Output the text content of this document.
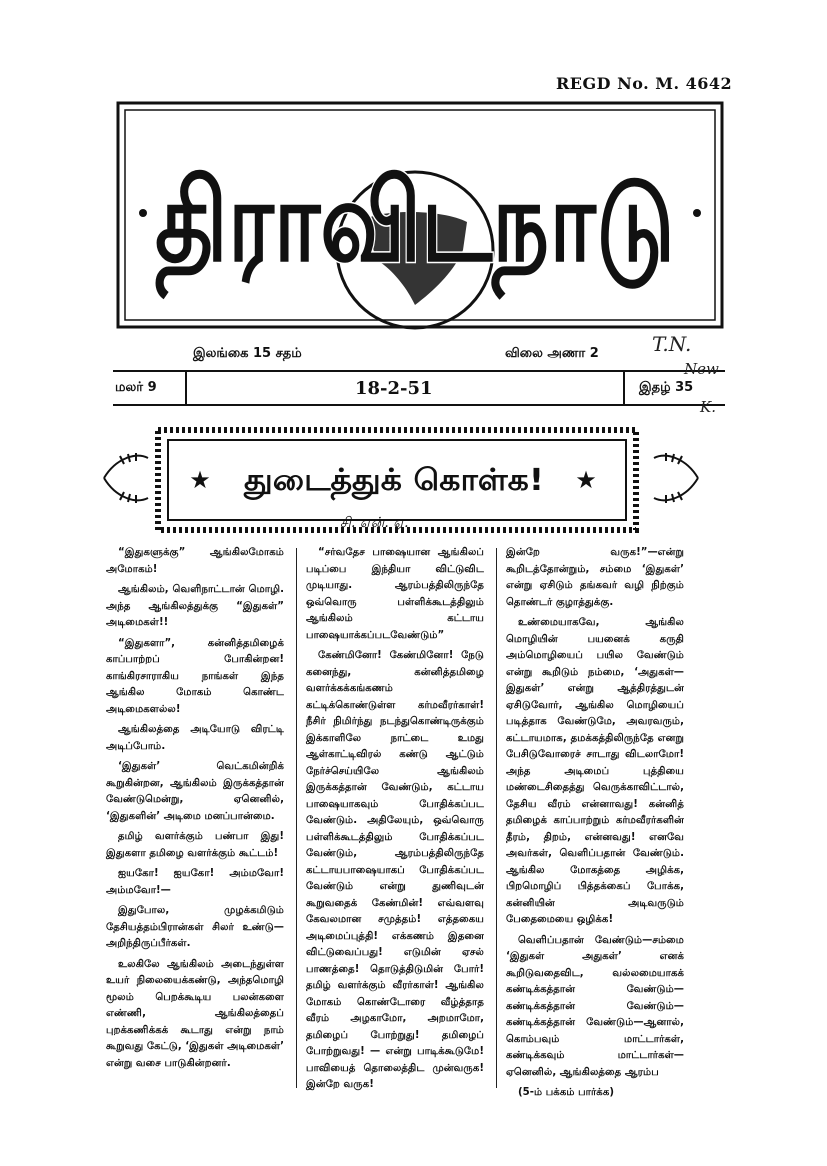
REGD No. M. 4642
திராவிடநாடு
இலங்கை 15 சதம்	விலை அணா 2
மலர் 9	18-2-51	இதழ் 35
T.N.
New
K.
★	★
துடைத்துக் கொள்க!
சி. என். ஏ.

“இதுகளுக்கு” ஆங்கிலமோகம் அமோகம்!

ஆங்கிலம், வெளிநாட்டான் மொழி. அந்த ஆங்கிலத்துக்கு “இதுகள்” அடிமைகள்!!

“இதுகளா”, கன்னித்தமிழைக் காப்பாற்றப் போகின்றன! காங்கிரசாராகிய நாங்கள் இந்த ஆங்கில மோகம் கொண்ட அடிமைகளல்ல!

ஆங்கிலத்தை அடியோடு விரட்டி அடிப்போம்.

‘இதுகள்’ வெட்கமின்றிக் கூறுகின்றன, ஆங்கிலம் இருக்கத்தான் வேண்டுமென்று, ஏனெனில், ‘இதுகளின்’ அடிமை மனப்பான்மை.

தமிழ் வளர்க்கும் பண்பா இது! இதுகளா தமிழை வளர்க்கும் கூட்டம்!

ஐயகோ! ஐயகோ! அம்மவோ! அம்மவோ!—

இதுபோல, முழக்கமிடும் தேசியத்தம்பிரான்கள் சிலர் உண்டு—அறிந்திருப்பீர்கள்.

உலகிலே ஆங்கிலம் அடைந்துள்ள உயர் நிலையைக்கண்டு, அந்தமொழி மூலம் பெறக்கூடிய பலன்களை எண்ணி, ஆங்கிலத்தைப் புறக்கணிக்கக் கூடாது என்று நாம் கூறுவது கேட்டு, ‘இதுகள் அடிமைகள்’ என்று வசை பாடுகின்றனர்.

“சர்வதேச பாஷையான ஆங்கிலப் படிப்பை இந்தியா விட்டுவிட முடியாது. ஆரம்பத்திலிருந்தே ஒவ்வொரு பள்ளிக்கூடத்திலும் ஆங்கிலம் கட்டாய பாஷையாக்கப்படவேண்டும்”

கேண்மினோ! கேண்மினோ! நேடு கனைந்து, கன்னித்தமிழை வளர்க்கக்கங்கணம் கட்டிக்கொண்டுள்ள கர்மவீரர்காள்! நீசிர் நிமிர்ந்து நடந்துகொண்டிருக்கும் இக்காளிலே நாட்டை உமது ஆள்காட்டிவிரல் கண்டு ஆட்டும் நேர்ச்செய்யிலே ஆங்கிலம் இருக்கத்தான் வேண்டும், கட்டாய பாஷையாகவும் போதிக்கப்பட வேண்டும். அதிலேயும், ஒவ்வொரு பள்ளிக்கூடத்திலும் போதிக்கப்பட வேண்டும், ஆரம்பத்திலிருந்தே கட்டாயபாஷையாகப் போதிக்கப்பட வேண்டும் என்று துணிவுடன் கூறுவதைக் கேண்மின்! எவ்வளவு கேவலமான சமுத்தம்! எத்தகைய அடிமைப்புத்தி! எக்கணம் இதனை விட்டுவைப்பது! எடுமின் ஏசல் பாணத்தை! தொடுத்திடுமின் போர்! தமிழ் வளர்க்கும் வீரர்காள்! ஆங்கில மோகம் கொண்டோரை வீழ்த்தாத வீரம் அழகாமோ, அறமாமோ, தமிழைப் போற்றுது! தமிழைப் போற்றுவது! — என்று பாடிக்கூடுமே! பாவியைத் தொலைத்திட முன்வருக! இன்றே வருக!

இன்றே வருக!”—என்று கூறிடத்தோன்றும், சம்மை ‘இதுகள்’ என்று ஏசிடும் தங்கவர் வழி நிற்கும் தொண்டர் குழாத்துக்கு.

உண்மையாகவே, ஆங்கில மொழியின் பயனைக் கருதி அம்மொழியைப் பயில வேண்டும் என்று கூறிடும் நம்மை, ‘அதுகள்—இதுகள்’ என்று ஆத்திரத்துடன் ஏசிடுவோர், ஆங்கில மொழியைப் படித்தாக வேண்டுமே, அவரவரும், கட்டாயமாக, தமக்கத்திலிருந்தே எனறு பேசிடுவோரைச் சாடாது விடலாமோ! அந்த அடிமைப் புத்தியை மண்டைசிதைத்து வெருக்காவிட்டால், தேசிய வீரம் என்னாவது! கன்னித் தமிழைக் காப்பாற்றும் கர்மவீரர்களின் தீரம், திறம், என்னவது! எனவே அவர்கள், வெளிப்பதான் வேண்டும். ஆங்கில மோகத்தை அழிக்க, பிறமொழிப் பித்தக்கைப் போக்க, கன்னியின் அடிவருடும் பேதைமையை ஒழிக்க!

வெளிப்பதான் வேண்டும்—சம்மை ‘இதுகள் அதுகள்’ எனக் கூறிடுவதைவிட, வல்லமையாகக் கண்டிக்கத்தான் வேண்டும்—கண்டிக்கத்தான் வேண்டும்—கண்டிக்கத்தான் வேண்டும்—ஆனால், கொம்பவும் மாட்டார்கள், கண்டிக்கவும் மாட்டார்கள்—ஏனெனில், ஆங்கிலத்தை ஆரம்ப

(5-ம் பக்கம் பார்க்க)
